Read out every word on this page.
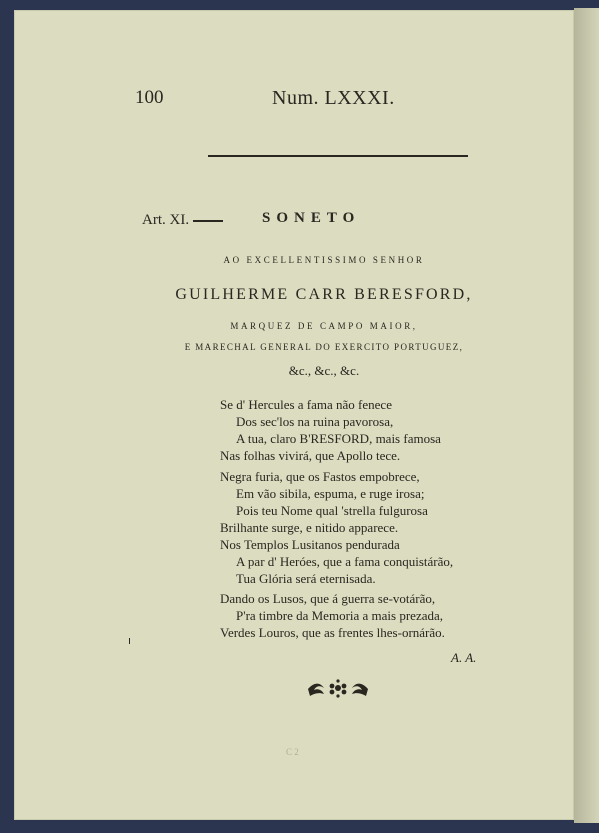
100	Num. LXXXI.
Art. XI.	SONETO
AO EXCELLENTISSIMO SENHOR
GUILHERME CARR BERESFORD,
MARQUEZ DE CAMPO MAIOR,
E MARECHAL GENERAL DO EXERCITO PORTUGUEZ,
&c., &c., &c.
Se d' Hercules a fama não fenece
Dos sec'los na ruina pavorosa,
A tua, claro B'RESFORD, mais famosa
Nas folhas vivirá, que Apollo tece.
Negra furia, que os Fastos empobrece,
Em vão sibila, espuma, e ruge irosa;
Pois teu Nome qual 'strella fulgurosa
Brilhante surge, e nitido apparece.
Nos Templos Lusitanos pendurada
A par d' Heróes, que a fama conquistárão,
Tua Glória será eternisada.
Dando os Lusos, que á guerra se-votárão,
P'ra timbre da Memoria a mais prezada,
Verdes Louros, que as frentes lhes-ornárão.
A. A.
C 2
